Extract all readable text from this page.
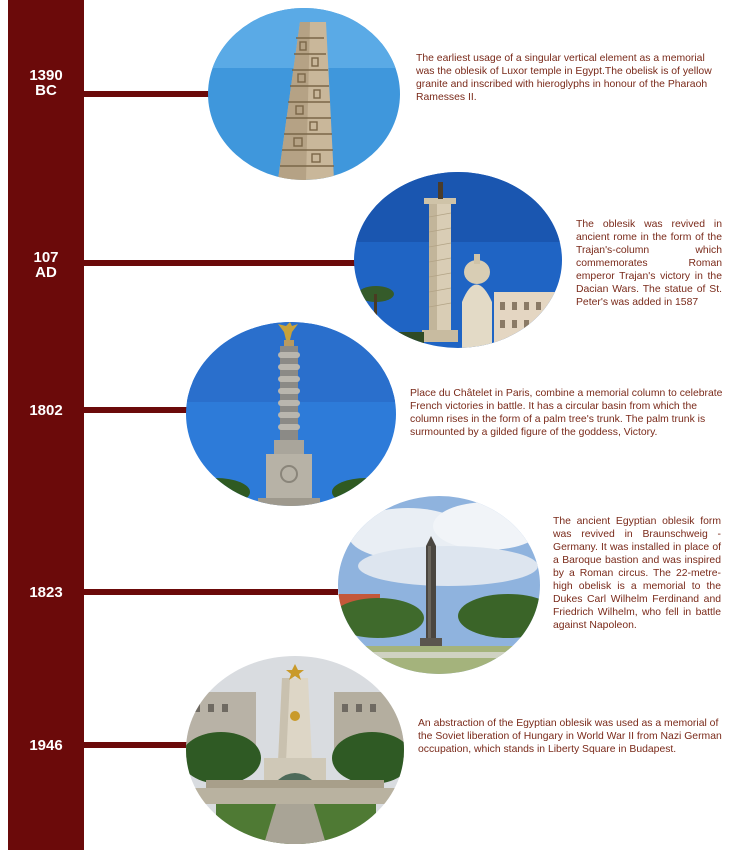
1390
BC
The earliest usage of a singular vertical element as a memorial was the oblesik of Luxor temple in Egypt.The obelisk is of yellow granite and inscribed with hieroglyphs in honour of the Pharaoh Ramesses II.
107
AD
The oblesik was revived in ancient rome in the form of the Trajan's-column which commemorates Roman emperor Trajan's victory in the Dacian Wars. The statue of St. Peter's was added in 1587
1802
Place du Châtelet in Paris, combine a memorial column to celebrate French victories in battle. It has a circular basin from which the column rises in the form of a palm tree's trunk. The palm trunk is surmounted by a gilded figure of the goddess, Victory.
1823
The ancient Egyptian oblesik form was revived in Braunschweig - Germany. It was installed in place of a Baroque bastion and was inspired by a Roman circus. The 22-metre-high obelisk is a memorial to the Dukes Carl Wilhelm Ferdinand and Friedrich Wilhelm, who fell in battle against Napoleon.
1946
An abstraction of the Egyptian oblesik was used as a memorial of the Soviet liberation of Hungary in World War II from Nazi German occupation, which stands in Liberty Square in Budapest.
